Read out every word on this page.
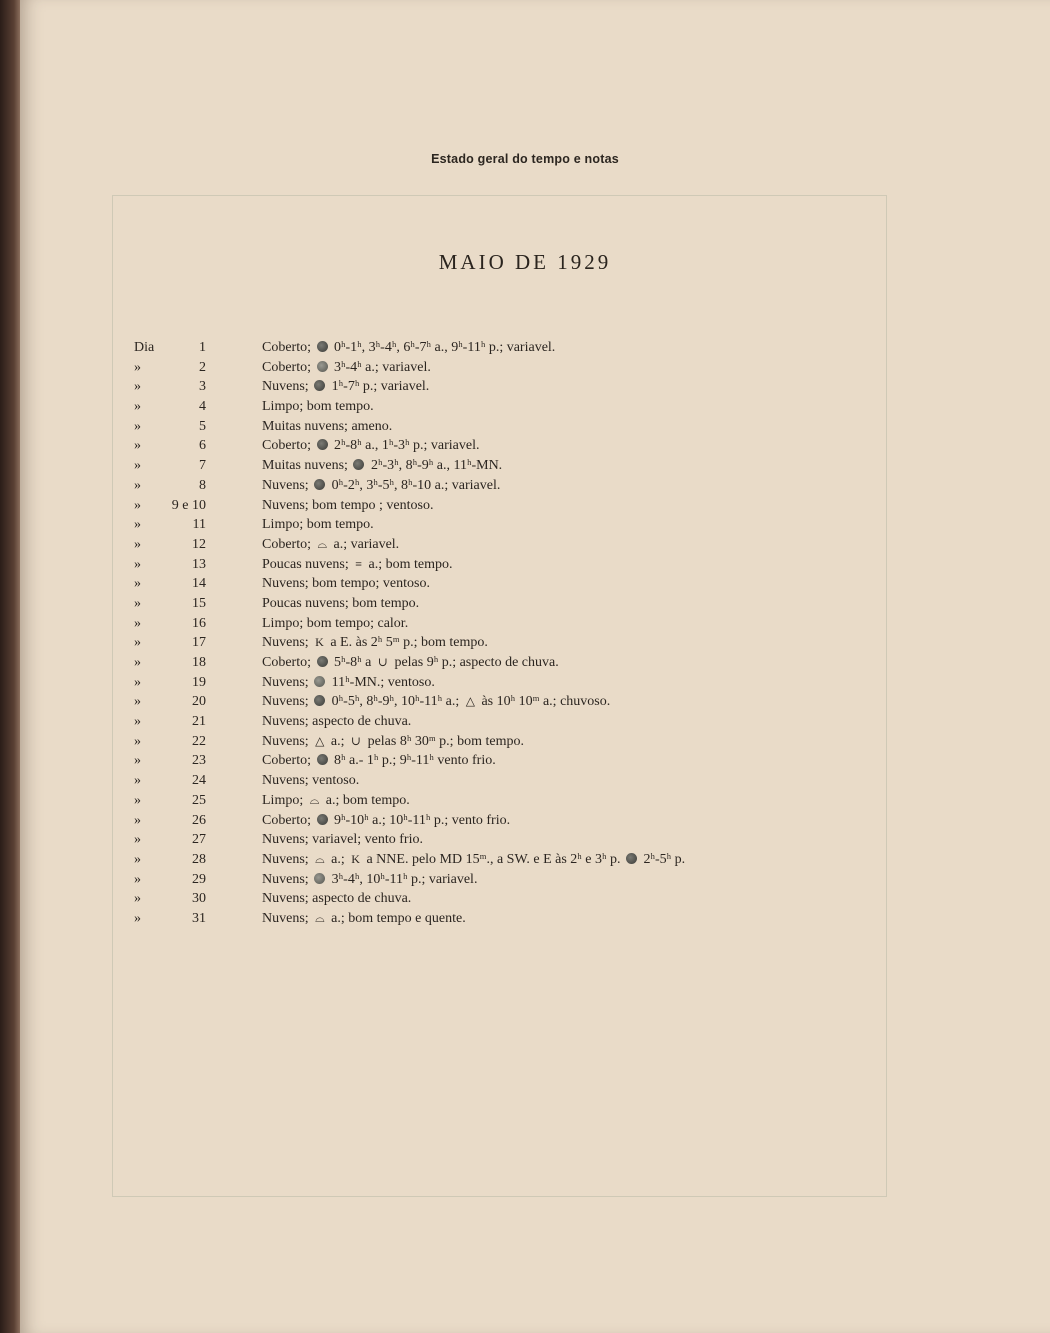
Estado geral do tempo e notas
MAIO DE 1929
Dia	1	Coberto;  0ʰ-1ʰ, 3ʰ-4ʰ, 6ʰ-7ʰ a., 9ʰ-11ʰ p.; variavel.
»	2	Coberto;  3ʰ-4ʰ a.; variavel.
»	3	Nuvens;  1ʰ-7ʰ p.; variavel.
»	4	Limpo; bom tempo.
»	5	Muitas nuvens; ameno.
»	6	Coberto;  2ʰ-8ʰ a., 1ʰ-3ʰ p.; variavel.
»	7	Muitas nuvens;  2ʰ-3ʰ, 8ʰ-9ʰ a., 11ʰ-MN.
»	8	Nuvens;  0ʰ-2ʰ, 3ʰ-5ʰ, 8ʰ-10 a.; variavel.
»	9 e 10	Nuvens; bom tempo ; ventoso.
»	11	Limpo; bom tempo.
»	12	Coberto; ⌓ a.; variavel.
»	13	Poucas nuvens; ≡ a.; bom tempo.
»	14	Nuvens; bom tempo; ventoso.
»	15	Poucas nuvens; bom tempo.
»	16	Limpo; bom tempo; calor.
»	17	Nuvens; K a E. às 2ʰ 5ᵐ p.; bom tempo.
»	18	Coberto;  5ʰ-8ʰ a ∪ pelas 9ʰ p.; aspecto de chuva.
»	19	Nuvens;  11ʰ-MN.; ventoso.
»	20	Nuvens;  0ʰ-5ʰ, 8ʰ-9ʰ, 10ʰ-11ʰ a.; △ às 10ʰ 10ᵐ a.; chuvoso.
»	21	Nuvens; aspecto de chuva.
»	22	Nuvens; △ a.; ∪ pelas 8ʰ 30ᵐ p.; bom tempo.
»	23	Coberto;  8ʰ a.- 1ʰ p.; 9ʰ-11ʰ vento frio.
»	24	Nuvens; ventoso.
»	25	Limpo; ⌓ a.; bom tempo.
»	26	Coberto;  9ʰ-10ʰ a.; 10ʰ-11ʰ p.; vento frio.
»	27	Nuvens; variavel; vento frio.
»	28	Nuvens; ⌓ a.; K a NNE. pelo MD 15ᵐ., a SW. e E às 2ʰ e 3ʰ p.  2ʰ-5ʰ p.
»	29	Nuvens;  3ʰ-4ʰ, 10ʰ-11ʰ p.; variavel.
»	30	Nuvens; aspecto de chuva.
»	31	Nuvens; ⌓ a.; bom tempo e quente.
